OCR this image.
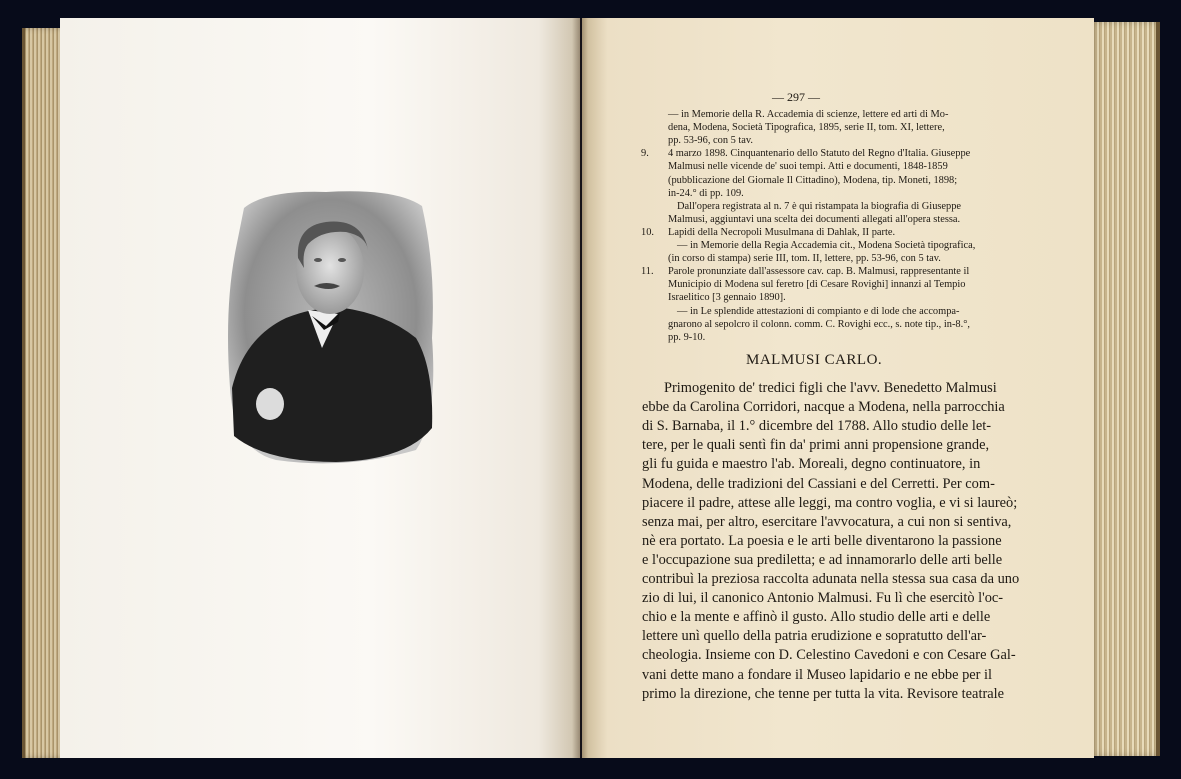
— 297 —
— in Memorie della R. Accademia di scienze, lettere ed arti di Mo-
dena, Modena, Società Tipografica, 1895, serie II, tom. XI, lettere,
pp. 53-96, con 5 tav.
9. 4 marzo 1898. Cinquantenario dello Statuto del Regno d'Italia. Giuseppe
Malmusi nelle vicende de' suoi tempi. Atti e documenti, 1848-1859
(pubblicazione del Giornale Il Cittadino), Modena, tip. Moneti, 1898;
in-24.° di pp. 109.
Dall'opera registrata al n. 7 è qui ristampata la biografia di Giuseppe
Malmusi, aggiuntavi una scelta dei documenti allegati all'opera stessa.
10. Lapidi della Necropoli Musulmana di Dahlak, II parte.
— in Memorie della Regia Accademia cit., Modena Società tipografica,
(in corso di stampa) serie III, tom. II, lettere, pp. 53-96, con 5 tav.
11. Parole pronunziate dall'assessore cav. cap. B. Malmusi, rappresentante il
Municipio di Modena sul feretro [di Cesare Rovighi] innanzi al Tempio
Israelitico [3 gennaio 1890].
— in Le splendide attestazioni di compianto e di lode che accompa-
gnarono al sepolcro il colonn. comm. C. Rovighi ecc., s. note tip., in-8.°,
pp. 9-10.
MALMUSI CARLO.
Primogenito de' tredici figli che l'avv. Benedetto Malmusi
ebbe da Carolina Corridori, nacque a Modena, nella parrocchia
di S. Barnaba, il 1.° dicembre del 1788. Allo studio delle let-
tere, per le quali sentì fin da' primi anni propensione grande,
gli fu guida e maestro l'ab. Moreali, degno continuatore, in
Modena, delle tradizioni del Cassiani e del Cerretti. Per com-
piacere il padre, attese alle leggi, ma contro voglia, e vi si laureò;
senza mai, per altro, esercitare l'avvocatura, a cui non si sentiva,
nè era portato. La poesia e le arti belle diventarono la passione
e l'occupazione sua prediletta; e ad innamorarlo delle arti belle
contribuì la preziosa raccolta adunata nella stessa sua casa da uno
zio di lui, il canonico Antonio Malmusi. Fu lì che esercitò l'oc-
chio e la mente e affinò il gusto. Allo studio delle arti e delle
lettere unì quello della patria erudizione e sopratutto dell'ar-
cheologia. Insieme con D. Celestino Cavedoni e con Cesare Gal-
vani dette mano a fondare il Museo lapidario e ne ebbe per il
primo la direzione, che tenne per tutta la vita. Revisore teatrale
